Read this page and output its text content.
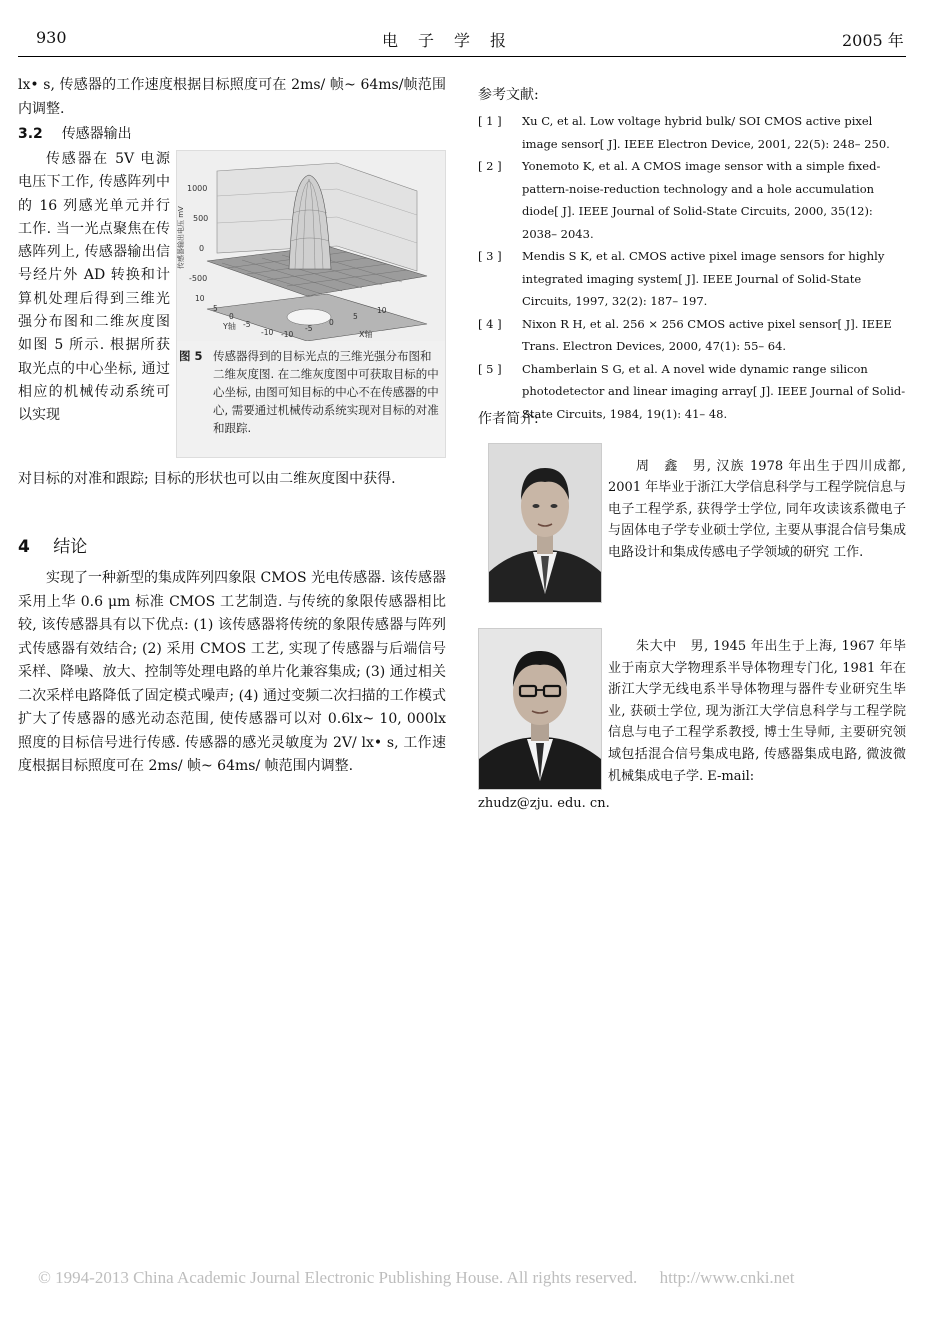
930	电　子　学　报	2005 年
lx• s, 传感器的工作速度根据目标照度可在 2ms/ 帧~ 64ms/帧范围内调整.
3.2 传感器输出
传感器在 5V 电源电压下工作, 传感阵列中的 16 列感光单元并行工作. 当一光点聚焦在传感阵列上, 传感器输出信号经片外 AD 转换和计算机处理后得到三维光强分布图和二维灰度图如图 5 所示. 根据所获取光点的中心坐标, 通过相应的机械传动系统可以实现
1000
500
0
-500
传感器输出电压 mV
10
5
0
-5
-10
Y轴
-10
-5
0
5
10
X轴
图 5 传感器得到的目标光点的三维光强分布图和二维灰度图. 在二维灰度图中可获取目标的中心坐标, 由图可知目标的中心不在传感器的中心, 需要通过机械传动系统实现对目标的对准和跟踪.
对目标的对准和跟踪; 目标的形状也可以由二维灰度图中获得.
4 结论
实现了一种新型的集成阵列四象限 CMOS 光电传感器. 该传感器采用上华 0.6 μm 标准 CMOS 工艺制造. 与传统的象限传感器相比较, 该传感器具有以下优点: (1) 该传感器将传统的象限传感器与阵列式传感器有效结合; (2) 采用 CMOS 工艺, 实现了传感器与后端信号采样、降噪、放大、控制等处理电路的单片化兼容集成; (3) 通过相关二次采样电路降低了固定模式噪声; (4) 通过变频二次扫描的工作模式扩大了传感器的感光动态范围, 使传感器可以对 0.6lx~ 10, 000lx 照度的目标信号进行传感. 传感器的感光灵敏度为 2V/ lx• s, 工作速度根据目标照度可在 2ms/ 帧~ 64ms/ 帧范围内调整.
参考文献:
[ 1 ] Xu C, et al. Low voltage hybrid bulk/ SOI CMOS active pixel image sensor[ J]. IEEE Electron Device, 2001, 22(5): 248– 250.
[ 2 ] Yonemoto K, et al. A CMOS image sensor with a simple fixed-pattern-noise-reduction technology and a hole accumulation diode[ J]. IEEE Journal of Solid-State Circuits, 2000, 35(12): 2038– 2043.
[ 3 ] Mendis S K, et al. CMOS active pixel image sensors for highly integrated imaging system[ J]. IEEE Journal of Solid-State Circuits, 1997, 32(2): 187– 197.
[ 4 ] Nixon R H, et al. 256 × 256 CMOS active pixel sensor[ J]. IEEE Trans. Electron Devices, 2000, 47(1): 55– 64.
[ 5 ] Chamberlain S G, et al. A novel wide dynamic range silicon photodetector and linear imaging array[ J]. IEEE Journal of Solid-State Circuits, 1984, 19(1): 41– 48.
作者简介:
周　鑫　男, 汉族 1978 年出生于四川成都, 2001 年毕业于浙江大学信息科学与工程学院信息与电子工程学系, 获得学士学位, 同年攻读该系微电子与固体电子学专业硕士学位, 主要从事混合信号集成电路设计和集成传感电子学领域的研究 工作.
朱大中　男, 1945 年出生于上海, 1967 年毕业于南京大学物理系半导体物理专门化, 1981 年在浙江大学无线电系半导体物理与器件专业研究生毕业, 获硕士学位, 现为浙江大学信息科学与工程学院信息与电子工程学系教授, 博士生导师, 主要研究领域包括混合信号集成电路, 传感器集成电路, 微波微机械集成电子学. E-mail:
zhudz@zju. edu. cn.
© 1994-2013 China Academic Journal Electronic Publishing House. All rights reserved. http://www.cnki.net
